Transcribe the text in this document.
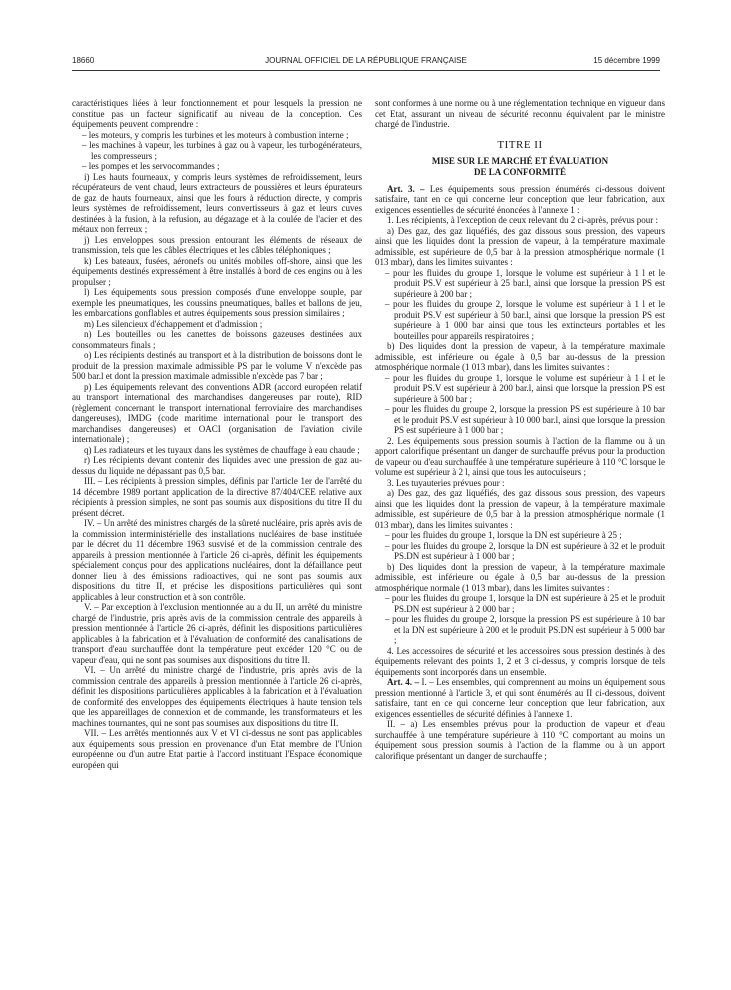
18660	JOURNAL OFFICIEL DE LA RÉPUBLIQUE FRANÇAISE	15 décembre 1999

caractéristiques liées à leur fonctionnement et pour lesquels la pression ne constitue pas un facteur significatif au niveau de la conception. Ces équipements peuvent comprendre :

– les moteurs, y compris les turbines et les moteurs à combustion interne ;

– les machines à vapeur, les turbines à gaz ou à vapeur, les turbogénérateurs, les compresseurs ;

– les pompes et les servocommandes ;

i) Les hauts fourneaux, y compris leurs systèmes de refroidissement, leurs récupérateurs de vent chaud, leurs extracteurs de poussières et leurs épurateurs de gaz de hauts fourneaux, ainsi que les fours à réduction directe, y compris leurs systèmes de refroidissement, leurs convertisseurs à gaz et leurs cuves destinées à la fusion, à la refusion, au dégazage et à la coulée de l'acier et des métaux non ferreux ;

j) Les enveloppes sous pression entourant les éléments de réseaux de transmission, tels que les câbles électriques et les câbles téléphoniques ;

k) Les bateaux, fusées, aéronefs ou unités mobiles off-shore, ainsi que les équipements destinés expressément à être installés à bord de ces engins ou à les propulser ;

l) Les équipements sous pression composés d'une enveloppe souple, par exemple les pneumatiques, les coussins pneumatiques, balles et ballons de jeu, les embarcations gonflables et autres équipements sous pression similaires ;

m) Les silencieux d'échappement et d'admission ;

n) Les bouteilles ou les canettes de boissons gazeuses destinées aux consommateurs finals ;

o) Les récipients destinés au transport et à la distribution de boissons dont le produit de la pression maximale admissible PS par le volume V n'excède pas 500 bar.l et dont la pression maximale admissible n'excède pas 7 bar ;

p) Les équipements relevant des conventions ADR (accord européen relatif au transport international des marchandises dangereuses par route), RID (règlement concernant le transport international ferroviaire des marchandises dangereuses), IMDG (code maritime international pour le transport des marchandises dangereuses) et OACI (organisation de l'aviation civile internationale) ;

q) Les radiateurs et les tuyaux dans les systèmes de chauffage à eau chaude ;

r) Les récipients devant contenir des liquides avec une pression de gaz au-dessus du liquide ne dépassant pas 0,5 bar.

III. – Les récipients à pression simples, définis par l'article 1er de l'arrêté du 14 décembre 1989 portant application de la directive 87/404/CEE relative aux récipients à pression simples, ne sont pas soumis aux dispositions du titre II du présent décret.

IV. – Un arrêté des ministres chargés de la sûreté nucléaire, pris après avis de la commission interministérielle des installations nucléaires de base instituée par le décret du 11 décembre 1963 susvisé et de la commission centrale des appareils à pression mentionnée à l'article 26 ci-après, définit les équipements spécialement conçus pour des applications nucléaires, dont la défaillance peut donner lieu à des émissions radioactives, qui ne sont pas soumis aux dispositions du titre II, et précise les dispositions particulières qui sont applicables à leur construction et à son contrôle.

V. – Par exception à l'exclusion mentionnée au a du II, un arrêté du ministre chargé de l'industrie, pris après avis de la commission centrale des appareils à pression mentionnée à l'article 26 ci-après, définit les dispositions particulières applicables à la fabrication et à l'évaluation de conformité des canalisations de transport d'eau surchauffée dont la température peut excéder 120 °C ou de vapeur d'eau, qui ne sont pas soumises aux dispositions du titre II.

VI. – Un arrêté du ministre chargé de l'industrie, pris après avis de la commission centrale des appareils à pression mentionnée à l'article 26 ci-après, définit les dispositions particulières applicables à la fabrication et à l'évaluation de conformité des enveloppes des équipements électriques à haute tension tels que les appareillages de connexion et de commande, les transformateurs et les machines tournantes, qui ne sont pas soumises aux dispositions du titre II.

VII. – Les arrêtés mentionnés aux V et VI ci-dessus ne sont pas applicables aux équipements sous pression en provenance d'un Etat membre de l'Union européenne ou d'un autre Etat partie à l'accord instituant l'Espace économique européen qui

sont conformes à une norme ou à une réglementation technique en vigueur dans cet Etat, assurant un niveau de sécurité reconnu équivalent par le ministre chargé de l'industrie.

TITRE II
MISE SUR LE MARCHÉ ET ÉVALUATION
DE LA CONFORMITÉ

Art. 3. – Les équipements sous pression énumérés ci-dessous doivent satisfaire, tant en ce qui concerne leur conception que leur fabrication, aux exigences essentielles de sécurité énoncées à l'annexe 1 :

1. Les récipients, à l'exception de ceux relevant du 2 ci-après, prévus pour :

a) Des gaz, des gaz liquéfiés, des gaz dissous sous pression, des vapeurs ainsi que les liquides dont la pression de vapeur, à la température maximale admissible, est supérieure de 0,5 bar à la pression atmosphérique normale (1 013 mbar), dans les limites suivantes :

– pour les fluides du groupe 1, lorsque le volume est supérieur à 1 l et le produit PS.V est supérieur à 25 bar.l, ainsi que lorsque la pression PS est supérieure à 200 bar ;

– pour les fluides du groupe 2, lorsque le volume est supérieur à 1 l et le produit PS.V est supérieur à 50 bar.l, ainsi que lorsque la pression PS est supérieure à 1 000 bar ainsi que tous les extincteurs portables et les bouteilles pour appareils respiratoires ;

b) Des liquides dont la pression de vapeur, à la température maximale admissible, est inférieure ou égale à 0,5 bar au-dessus de la pression atmosphérique normale (1 013 mbar), dans les limites suivantes :

– pour les fluides du groupe 1, lorsque le volume est supérieur à 1 l et le produit PS.V est supérieur à 200 bar.l, ainsi que lorsque la pression PS est supérieure à 500 bar ;

– pour les fluides du groupe 2, lorsque la pression PS est supérieure à 10 bar et le produit PS.V est supérieur à 10 000 bar.l, ainsi que lorsque la pression PS est supérieure à 1 000 bar ;

2. Les équipements sous pression soumis à l'action de la flamme ou à un apport calorifique présentant un danger de surchauffe prévus pour la production de vapeur ou d'eau surchauffée à une température supérieure à 110 °C lorsque le volume est supérieur à 2 l, ainsi que tous les autocuiseurs ;

3. Les tuyauteries prévues pour :

a) Des gaz, des gaz liquéfiés, des gaz dissous sous pression, des vapeurs ainsi que les liquides dont la pression de vapeur, à la température maximale admissible, est supérieure de 0,5 bar à la pression atmosphérique normale (1 013 mbar), dans les limites suivantes :

– pour les fluides du groupe 1, lorsque la DN est supérieure à 25 ;

– pour les fluides du groupe 2, lorsque la DN est supérieure à 32 et le produit PS.DN est supérieur à 1 000 bar ;

b) Des liquides dont la pression de vapeur, à la température maximale admissible, est inférieure ou égale à 0,5 bar au-dessus de la pression atmosphérique normale (1 013 mbar), dans les limites suivantes :

– pour les fluides du groupe 1, lorsque la DN est supérieure à 25 et le produit PS.DN est supérieur à 2 000 bar ;

– pour les fluides du groupe 2, lorsque la pression PS est supérieure à 10 bar et la DN est supérieure à 200 et le produit PS.DN est supérieur à 5 000 bar ;

4. Les accessoires de sécurité et les accessoires sous pression destinés à des équipements relevant des points 1, 2 et 3 ci-dessus, y compris lorsque de tels équipements sont incorporés dans un ensemble.

Art. 4. – I. – Les ensembles, qui comprennent au moins un équipement sous pression mentionné à l'article 3, et qui sont énumérés au II ci-dessous, doivent satisfaire, tant en ce qui concerne leur conception que leur fabrication, aux exigences essentielles de sécurité définies à l'annexe 1.

II. – a) Les ensembles prévus pour la production de vapeur et d'eau surchauffée à une température supérieure à 110 °C comportant au moins un équipement sous pression soumis à l'action de la flamme ou à un apport calorifique présentant un danger de surchauffe ;
